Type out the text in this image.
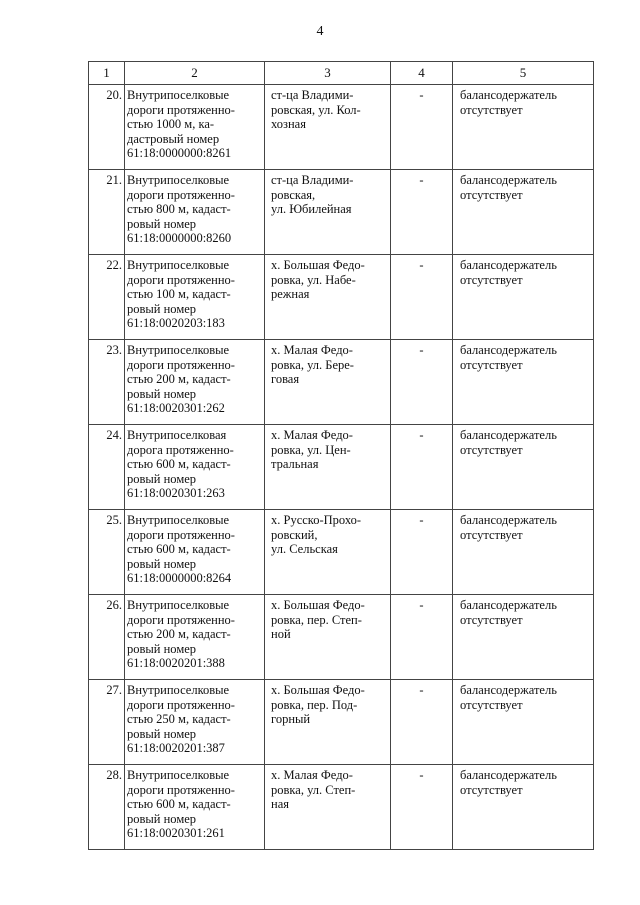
4
1	2	3	4	5
20.	Внутрипоселковые
дороги протяженно-
стью 1000 м, ка-
дастровый номер
61:18:0000000:8261	ст-ца Владими-
ровская, ул. Кол-
хозная	-	балансодержатель
отсутствует

21.	Внутрипоселковые
дороги протяженно-
стью 800 м, кадаст-
ровый номер
61:18:0000000:8260	ст-ца Владими-
ровская,
ул. Юбилейная	-	балансодержатель
отсутствует

22.	Внутрипоселковые
дороги протяженно-
стью 100 м, кадаст-
ровый номер
61:18:0020203:183	х. Большая Федо-
ровка, ул. Набе-
режная	-	балансодержатель
отсутствует

23.	Внутрипоселковые
дороги протяженно-
стью 200 м, кадаст-
ровый номер
61:18:0020301:262	х. Малая Федо-
ровка, ул. Бере-
говая	-	балансодержатель
отсутствует

24.	Внутрипоселковая
дорога протяженно-
стью 600 м, кадаст-
ровый номер
61:18:0020301:263	х. Малая Федо-
ровка, ул. Цен-
тральная	-	балансодержатель
отсутствует

25.	Внутрипоселковые
дороги протяженно-
стью 600 м, кадаст-
ровый номер
61:18:0000000:8264	х. Русско-Прохо-
ровский,
ул. Сельская	-	балансодержатель
отсутствует

26.	Внутрипоселковые
дороги протяженно-
стью 200 м, кадаст-
ровый номер
61:18:0020201:388	х. Большая Федо-
ровка, пер. Степ-
ной	-	балансодержатель
отсутствует

27.	Внутрипоселковые
дороги протяженно-
стью 250 м, кадаст-
ровый номер
61:18:0020201:387	х. Большая Федо-
ровка, пер. Под-
горный	-	балансодержатель
отсутствует

28.	Внутрипоселковые
дороги протяженно-
стью 600 м, кадаст-
ровый номер
61:18:0020301:261	х. Малая Федо-
ровка, ул. Степ-
ная	-	балансодержатель
отсутствует
